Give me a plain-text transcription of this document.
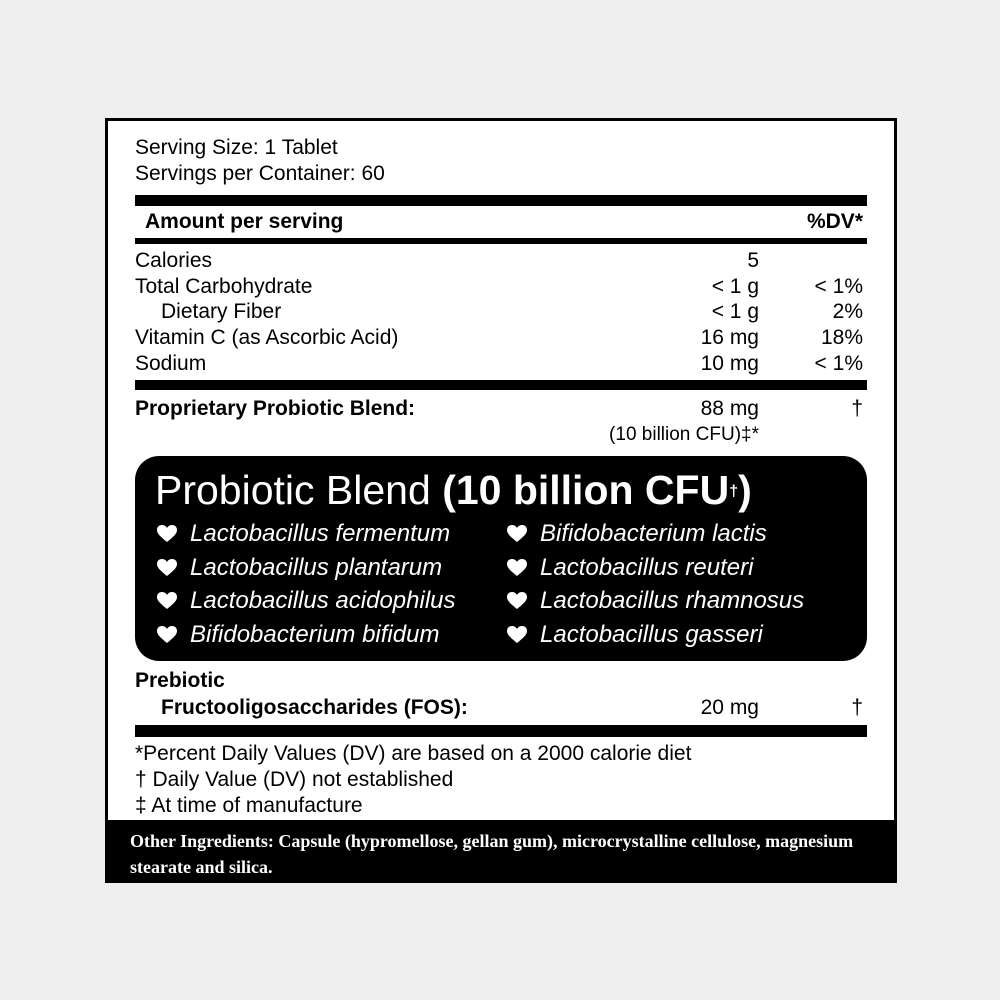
Serving Size: 1 Tablet
Servings per Container: 60
Amount per serving	%DV*
Calories	5
Total Carbohydrate	< 1 g	< 1%
Dietary Fiber	< 1 g	2%
Vitamin C (as Ascorbic Acid)	16 mg	18%
Sodium	10 mg	< 1%
Proprietary Probiotic Blend:	88 mg	†
(10 billion CFU)‡*
Probiotic Blend (10 billion CFU†)
Lactobacillus fermentum
Lactobacillus plantarum
Lactobacillus acidophilus
Bifidobacterium bifidum
Bifidobacterium lactis
Lactobacillus reuteri
Lactobacillus rhamnosus
Lactobacillus gasseri
Prebiotic
Fructooligosaccharides (FOS):	20 mg	†
*Percent Daily Values (DV) are based on a 2000 calorie diet
† Daily Value (DV) not established
‡ At time of manufacture
Other Ingredients: Capsule (hypromellose, gellan gum), microcrystalline cellulose, magnesium stearate and silica.
